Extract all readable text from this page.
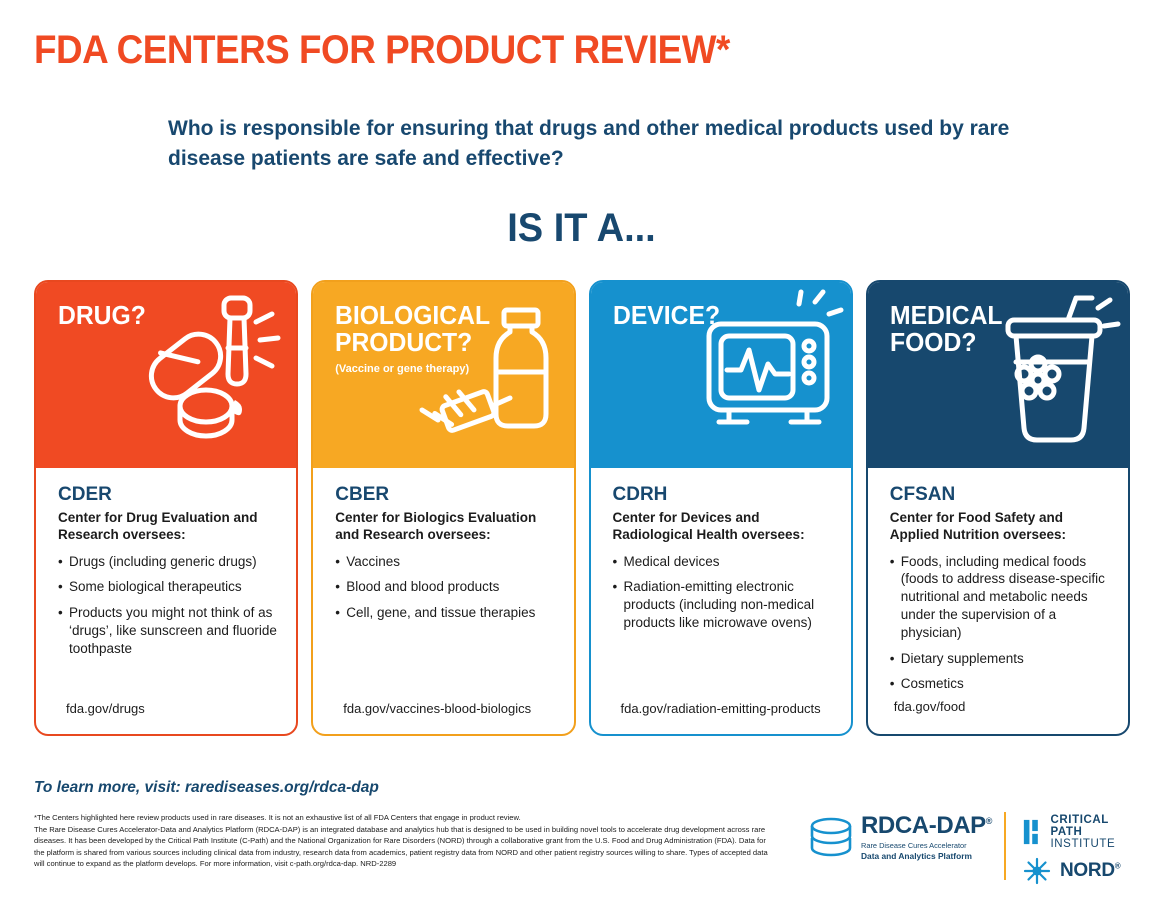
FDA CENTERS FOR PRODUCT REVIEW*
Who is responsible for ensuring that drugs and other medical products used by rare disease patients are safe and effective?
IS IT A...
DRUG?
CDER
Center for Drug Evaluation and Research oversees:
• Drugs (including generic drugs)
• Some biological therapeutics
• Products you might not think of as ‘drugs’, like sunscreen and fluoride toothpaste
fda.gov/drugs
BIOLOGICAL PRODUCT?
(Vaccine or gene therapy)
CBER
Center for Biologics Evaluation and Research oversees:
• Vaccines
• Blood and blood products
• Cell, gene, and tissue therapies
fda.gov/vaccines-blood-biologics
DEVICE?
CDRH
Center for Devices and Radiological Health oversees:
• Medical devices
• Radiation-emitting electronic products (including non-medical products like microwave ovens)
fda.gov/radiation-emitting-products
MEDICAL FOOD?
CFSAN
Center for Food Safety and Applied Nutrition oversees:
• Foods, including medical foods (foods to address disease-specific nutritional and metabolic needs under the supervision of a physician)
• Dietary supplements
• Cosmetics
fda.gov/food
To learn more, visit: rarediseases.org/rdca-dap
*The Centers highlighted here review products used in rare diseases. It is not an exhaustive list of all FDA Centers that engage in product review.
The Rare Disease Cures Accelerator-Data and Analytics Platform (RDCA-DAP) is an integrated database and analytics hub that is designed to be used in building novel tools to accelerate drug development across rare diseases. It has been developed by the Critical Path Institute (C-Path) and the National Organization for Rare Disorders (NORD) through a collaborative grant from the U.S. Food and Drug Administration (FDA). Data for the platform is shared from various sources including clinical data from industry, research data from academics, patient registry data from NORD and other patient registry sources willing to share. Types of accepted data will continue to expand as the platform develops. For more information, visit c-path.org/rdca-dap. NRD-2289
RDCA-DAP®
Rare Disease Cures Accelerator
Data and Analytics Platform
CRITICAL PATH
INSTITUTE
NORD®
